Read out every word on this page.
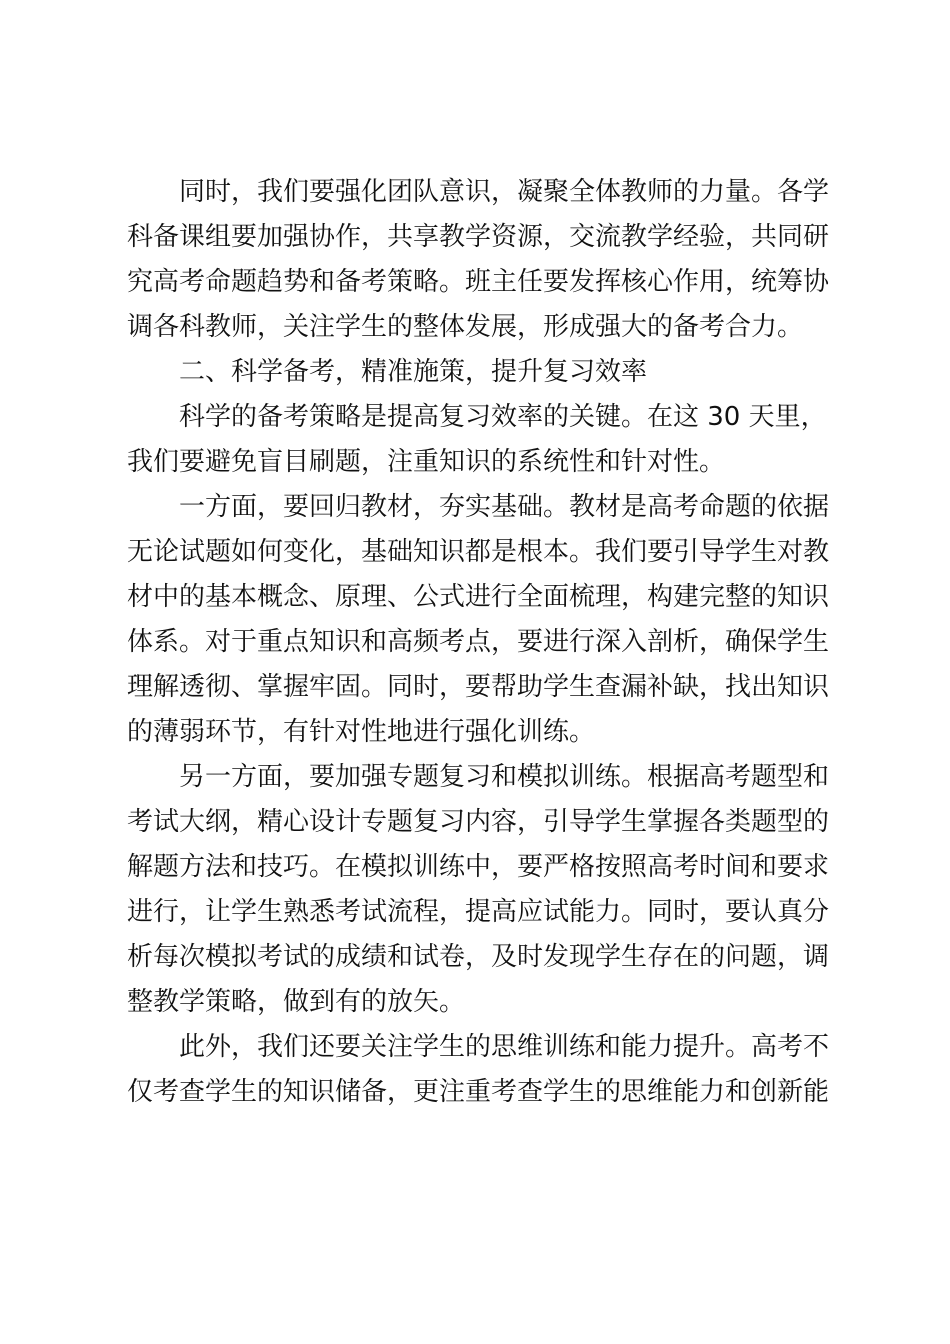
同时，我们要强化团队意识，凝聚全体教师的力量。各学
科备课组要加强协作，共享教学资源，交流教学经验，共同研
究高考命题趋势和备考策略。班主任要发挥核心作用，统筹协
调各科教师，关注学生的整体发展，形成强大的备考合力。
二、科学备考，精准施策，提升复习效率
科学的备考策略是提高复习效率的关键。在这 30 天里，
我们要避免盲目刷题，注重知识的系统性和针对性。
一方面，要回归教材，夯实基础。教材是高考命题的依据
无论试题如何变化，基础知识都是根本。我们要引导学生对教
材中的基本概念、原理、公式进行全面梳理，构建完整的知识
体系。对于重点知识和高频考点，要进行深入剖析，确保学生
理解透彻、掌握牢固。同时，要帮助学生查漏补缺，找出知识
的薄弱环节，有针对性地进行强化训练。
另一方面，要加强专题复习和模拟训练。根据高考题型和
考试大纲，精心设计专题复习内容，引导学生掌握各类题型的
解题方法和技巧。在模拟训练中，要严格按照高考时间和要求
进行，让学生熟悉考试流程，提高应试能力。同时，要认真分
析每次模拟考试的成绩和试卷，及时发现学生存在的问题，调
整教学策略，做到有的放矢。
此外，我们还要关注学生的思维训练和能力提升。高考不
仅考查学生的知识储备，更注重考查学生的思维能力和创新能
